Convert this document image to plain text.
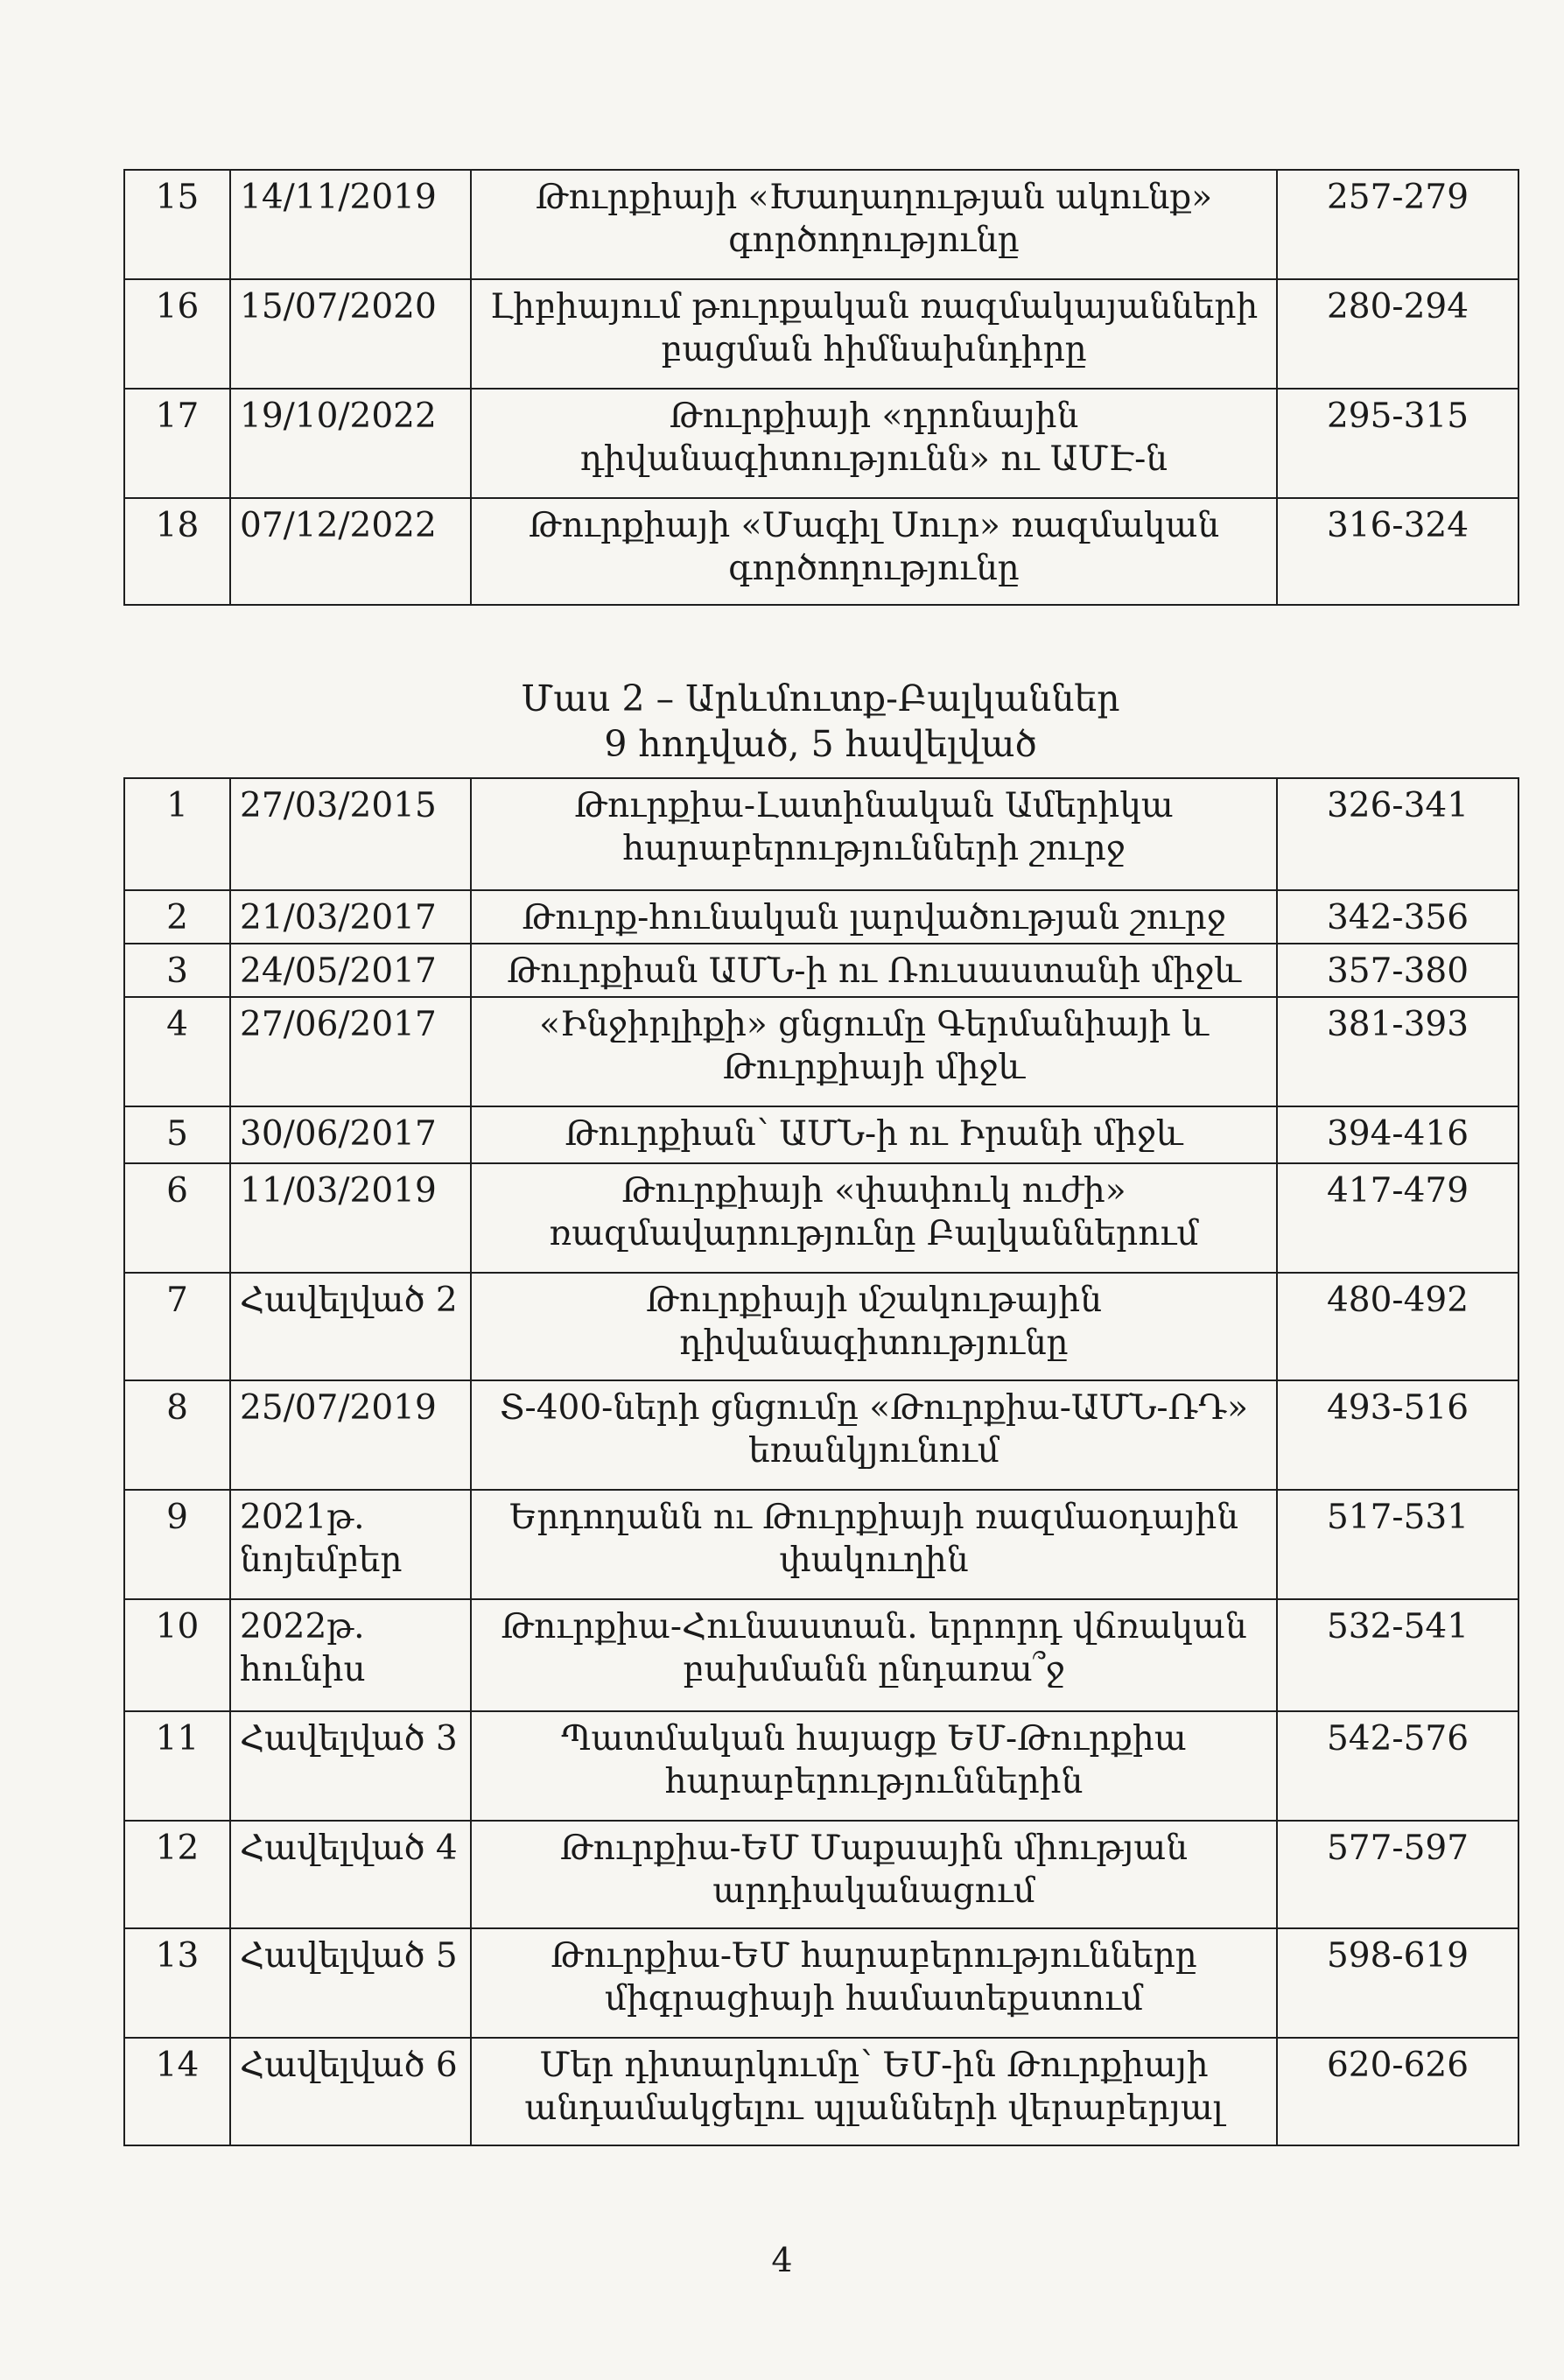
15	14/11/2019	Թուրքիայի «Խաղաղության ակունք» գործողությունը	257-279
16	15/07/2020	Լիբիայում թուրքական ռազմակայանների բացման հիմնախնդիրը	280-294
17	19/10/2022	Թուրքիայի «դրոնային դիվանագիտությունն» ու ԱՄԷ-ն	295-315
18	07/12/2022	Թուրքիայի «Մագիլ Սուր» ռազմական գործողությունը	316-324
Մաս 2 – Արևմուտք-Բալկաններ
9 հոդված, 5 հավելված
1	27/03/2015	Թուրքիա-Լատինական Ամերիկա հարաբերությունների շուրջ	326-341
2	21/03/2017	Թուրք-հունական լարվածության շուրջ	342-356
3	24/05/2017	Թուրքիան ԱՄՆ-ի ու Ռուսաստանի միջև	357-380
4	27/06/2017	«Ինջիրլիքի» ցնցումը Գերմանիայի և Թուրքիայի միջև	381-393
5	30/06/2017	Թուրքիան՝ ԱՄՆ-ի ու Իրանի միջև	394-416
6	11/03/2019	Թուրքիայի «փափուկ ուժի» ռազմավարությունը Բալկաններում	417-479
7	Հավելված 2	Թուրքիայի մշակութային դիվանագիտությունը	480-492
8	25/07/2019	Տ-400-ների ցնցումը «Թուրքիա-ԱՄՆ-ՌԴ» եռանկյունում	493-516
9	2021թ. նոյեմբեր	Երդողանն ու Թուրքիայի ռազմաօդային փակուղին	517-531
10	2022թ. հունիս	Թուրքիա-Հունաստան. երրորդ վճռական բախմանն ընդառա՞ջ	532-541
11	Հավելված 3	Պատմական հայացք ԵՄ-Թուրքիա հարաբերություններին	542-576
12	Հավելված 4	Թուրքիա-ԵՄ Մաքսային միության արդիականացում	577-597
13	Հավելված 5	Թուրքիա-ԵՄ հարաբերությունները միգրացիայի համատեքստում	598-619
14	Հավելված 6	Մեր դիտարկումը՝ ԵՄ-ին Թուրքիայի անդամակցելու պլանների վերաբերյալ	620-626
4
